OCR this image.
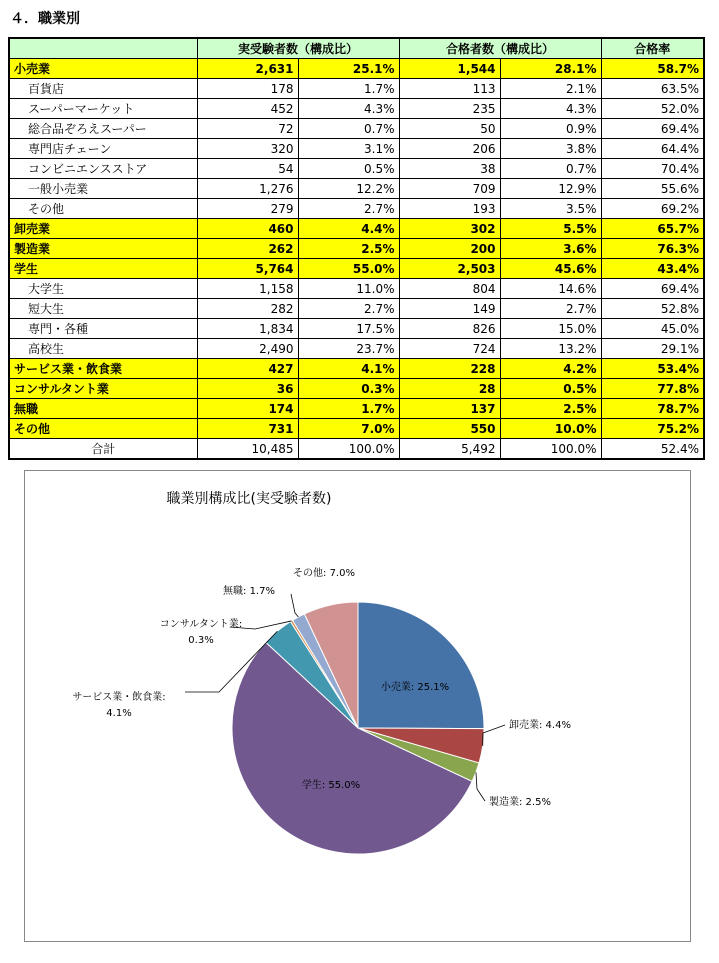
４．職業別
	実受験者数（構成比）		合格者数（構成比）		合格率
小売業	2,631	25.1%	1,544	28.1%	58.7%
百貨店	178	1.7%	113	2.1%	63.5%
スーパーマーケット	452	4.3%	235	4.3%	52.0%
総合品ぞろえスーパー	72	0.7%	50	0.9%	69.4%
専門店チェーン	320	3.1%	206	3.8%	64.4%
コンビニエンスストア	54	0.5%	38	0.7%	70.4%
一般小売業	1,276	12.2%	709	12.9%	55.6%
その他	279	2.7%	193	3.5%	69.2%
卸売業	460	4.4%	302	5.5%	65.7%
製造業	262	2.5%	200	3.6%	76.3%
学生	5,764	55.0%	2,503	45.6%	43.4%
大学生	1,158	11.0%	804	14.6%	69.4%
短大生	282	2.7%	149	2.7%	52.8%
専門・各種	1,834	17.5%	826	15.0%	45.0%
高校生	2,490	23.7%	724	13.2%	29.1%
サービス業・飲食業	427	4.1%	228	4.2%	53.4%
コンサルタント業	36	0.3%	28	0.5%	77.8%
無職	174	1.7%	137	2.5%	78.7%
その他	731	7.0%	550	10.0%	75.2%
合計	10,485	100.0%	5,492	100.0%	52.4%
職業別構成比(実受験者数)
小売業: 25.1%
卸売業: 4.4%
製造業: 2.5%
学生: 55.0%
サービス業・飲食業:
4.1%
コンサルタント業:
0.3%
無職: 1.7%
その他: 7.0%
